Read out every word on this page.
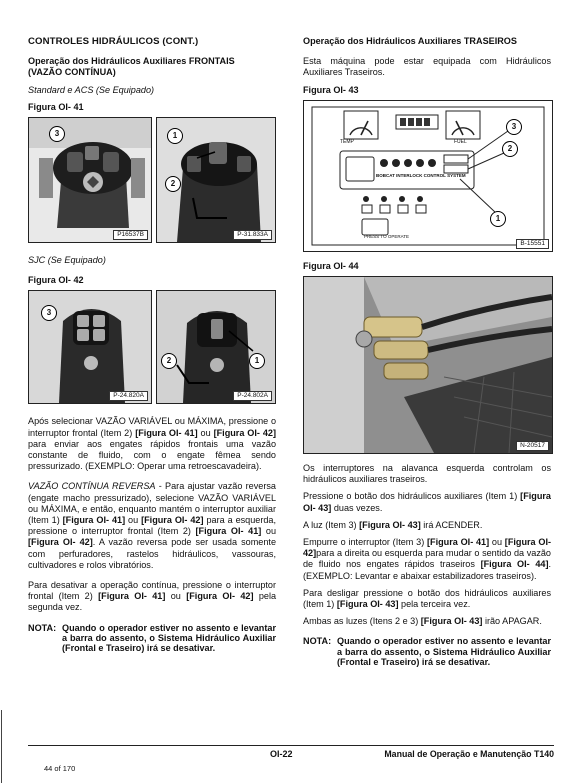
CONTROLES HIDRÁULICOS (CONT.)

Operação dos Hidráulicos Auxiliares FRONTAIS
(VAZÃO CONTÍNUA)

Standard e ACS (Se Equipado)

Figura OI- 41

3
P16537B
1
2
P-31.833A

SJC (Se Equipado)

Figura OI- 42

3
P-24.820A
2	1
P-24.802A

Após selecionar VAZÃO VARIÁVEL ou MÁXIMA, pressione o interruptor frontal (Item 2) [Figura OI- 41] ou [Figura OI- 42] para enviar aos engates rápidos frontais uma vazão constante de fluido, com o engate fêmea sendo pressurizado. (EXEMPLO: Operar uma retroescavadeira).

VAZÃO CONTÍNUA REVERSA - Para ajustar vazão reversa (engate macho pressurizado), selecione VAZÃO VARIÁVEL ou MÁXIMA, e então, enquanto mantém o interruptor auxiliar (Item 1) [Figura OI- 41] ou [Figura OI- 42] para a esquerda, pressione o interruptor frontal (Item 2) [Figura OI- 41] ou [Figura OI- 42]. A vazão reversa pode ser usada somente com perfuradores, rastelos hidráulicos, vassouras, cultivadores e rolos vibratórios.

Para desativar a operação contínua, pressione o interruptor frontal (Item 2) [Figura OI- 41] ou [Figura OI- 42] pela segunda vez.

NOTA: Quando o operador estiver no assento e levantar a barra do assento, o Sistema Hidráulico Auxiliar (Frontal e Traseiro) irá se desativar.

Operação dos Hidráulicos Auxiliares TRASEIROS

Esta máquina pode estar equipada com Hidráulicos Auxiliares Traseiros.

Figura OI- 43

TEMP	FUEL
BOBCAT INTERLOCK CONTROL SYSTEM
PRESS TO OPERATE
3
2
1
B-15551

Figura OI- 44

N-20517

Os interruptores na alavanca esquerda controlam os hidráulicos auxiliares traseiros.

Pressione o botão dos hidráulicos auxiliares (Item 1) [Figura OI- 43] duas vezes.

A luz (Item 3) [Figura OI- 43] irá ACENDER.

Empurre o interruptor (Item 3) [Figura OI- 41] ou [Figura OI- 42]para a direita ou esquerda para mudar o sentido da vazão de fluido nos engates rápidos traseiros [Figura OI- 44]. (EXEMPLO: Levantar e abaixar estabilizadores traseiros).

Para desligar pressione o botão dos hidráulicos auxiliares (Item 1) [Figura OI- 43] pela terceira vez.

Ambas as luzes (Itens 2 e 3) [Figura OI- 43] irão APAGAR.

NOTA: Quando o operador estiver no assento e levantar a barra do assento, o Sistema Hidráulico Auxiliar (Frontal e Traseiro) irá se desativar.
OI-22	Manual de Operação e Manutenção T140
44 of 170
